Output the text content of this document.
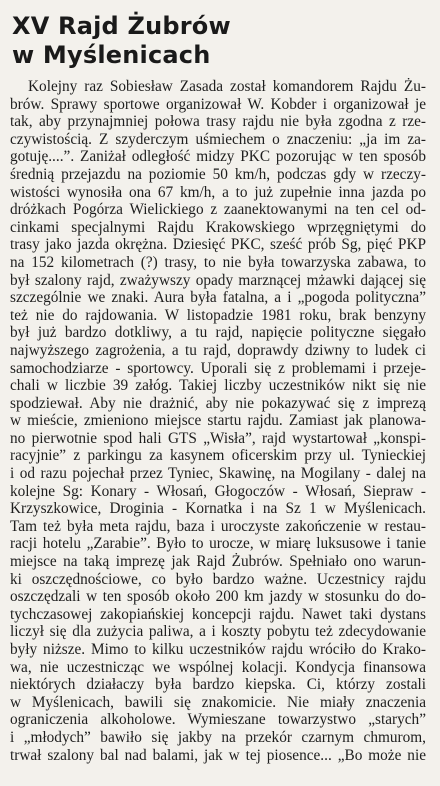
XV Rajd Żubrów
w Myślenicach
Kolejny raz Sobiesław Zasada został komandorem Rajdu Żu-
brów. Sprawy sportowe organizował W. Kobder i organizował je
tak, aby przynajmniej połowa trasy rajdu nie była zgodna z rze-
czywistością. Z szyderczym uśmiechem o znaczeniu: „ja im za-
gotuję....”. Zaniżał odległość midzy PKC pozorując w ten sposób
średnią przejazdu na poziomie 50 km/h, podczas gdy w rzeczy-
wistości wynosiła ona 67 km/h, a to już zupełnie inna jazda po
dróżkach Pogórza Wielickiego z zaanektowanymi na ten cel od-
cinkami specjalnymi Rajdu Krakowskiego wprzęgniętymi do
trasy jako jazda okrężna. Dziesięć PKC, sześć prób Sg, pięć PKP
na 152 kilometrach (?) trasy, to nie była towarzyska zabawa, to
był szalony rajd, zważywszy opady marznącej mżawki dającej się
szczególnie we znaki. Aura była fatalna, a i „pogoda polityczna”
też nie do rajdowania. W listopadzie 1981 roku, brak benzyny
był już bardzo dotkliwy, a tu rajd, napięcie polityczne sięgało
najwyższego zagrożenia, a tu rajd, doprawdy dziwny to ludek ci
samochodziarze - sportowcy. Uporali się z problemami i przeje-
chali w liczbie 39 załóg. Takiej liczby uczestników nikt się nie
spodziewał. Aby nie drażnić, aby nie pokazywać się z imprezą
w mieście, zmieniono miejsce startu rajdu. Zamiast jak planowa-
no pierwotnie spod hali GTS „Wisła”, rajd wystartował „konspi-
racyjnie” z parkingu za kasynem oficerskim przy ul. Tynieckiej
i od razu pojechał przez Tyniec, Skawinę, na Mogilany - dalej na
kolejne Sg: Konary - Włosań, Głogoczów - Włosań, Siepraw -
Krzyszkowice, Droginia - Kornatka i na Sz 1 w Myślenicach.
Tam też była meta rajdu, baza i uroczyste zakończenie w restau-
racji hotelu „Zarabie”. Było to urocze, w miarę luksusowe i tanie
miejsce na taką imprezę jak Rajd Żubrów. Spełniało ono warun-
ki oszczędnościowe, co było bardzo ważne. Uczestnicy rajdu
oszczędzali w ten sposób około 200 km jazdy w stosunku do do-
tychczasowej zakopiańskiej koncepcji rajdu. Nawet taki dystans
liczył się dla zużycia paliwa, a i koszty pobytu też zdecydowanie
były niższe. Mimo to kilku uczestników rajdu wróciło do Krako-
wa, nie uczestnicząc we wspólnej kolacji. Kondycja finansowa
niektórych działaczy była bardzo kiepska. Ci, którzy zostali
w Myślenicach, bawili się znakomicie. Nie miały znaczenia
ograniczenia alkoholowe. Wymieszane towarzystwo „starych”
i „młodych” bawiło się jakby na przekór czarnym chmurom,
trwał szalony bal nad balami, jak w tej piosence... „Bo może nie
